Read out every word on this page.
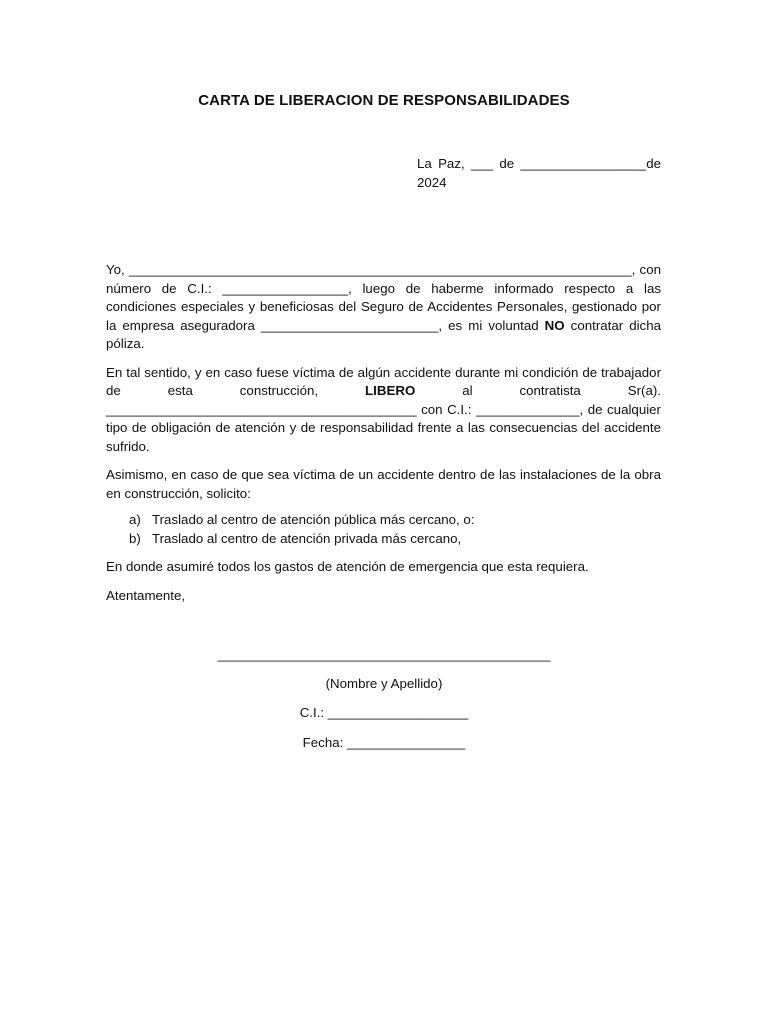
CARTA DE LIBERACION DE RESPONSABILIDADES
La Paz, ___ de _________________de 2024

Yo, ____________________________________________________________________, con número de C.I.: _________________, luego de haberme informado respecto a las condiciones especiales y beneficiosas del Seguro de Accidentes Personales, gestionado por la empresa aseguradora ________________________, es mi voluntad NO contratar dicha póliza.

En tal sentido, y en caso fuese víctima de algún accidente durante mi condición de trabajador de esta construcción, LIBERO al contratista Sr(a). __________________________________________ con C.I.: ______________, de cualquier tipo de obligación de atención y de responsabilidad frente a las consecuencias del accidente sufrido.

Asimismo, en caso de que sea víctima de un accidente dentro de las instalaciones de la obra en construcción, solicito:

a) Traslado al centro de atención pública más cercano, o:
b) Traslado al centro de atención privada más cercano,

En donde asumiré todos los gastos de atención de emergencia que esta requiera.

Atentamente,

_____________________________________________
(Nombre y Apellido)
C.I.: ___________________
Fecha: ________________
